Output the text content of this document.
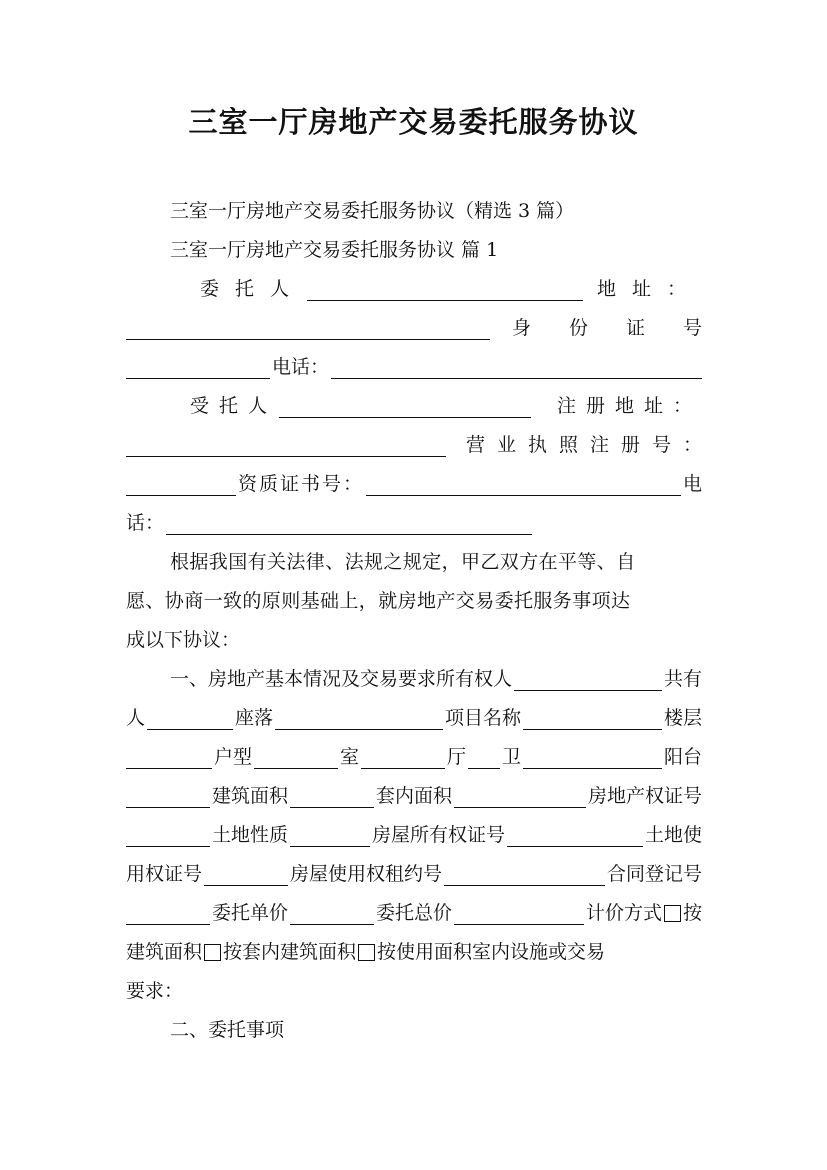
三室一厅房地产交易委托服务协议
三室一厅房地产交易委托服务协议（精选 3 篇）
三室一厅房地产交易委托服务协议 篇 1
委托人	地址：
身份证号
电话：
受托人	注册地址：
营业执照注册号：
资质证书号：	电
话：
根据我国有关法律、法规之规定，甲乙双方在平等、自
愿、协商一致的原则基础上，就房地产交易委托服务事项达
成以下协议：
一、房地产基本情况及交易要求所有权人	共有
人	座落	项目名称	楼层
户型	室	厅 卫	阳台
建筑面积	套内面积	房地产权证号
土地性质	房屋所有权证号	土地使
用权证号	房屋使用权租约号	合同登记号
委托单价	委托总价	计价方式 按
建筑面积 按套内建筑面积 按使用面积室内设施或交易
要求：
二、委托事项
